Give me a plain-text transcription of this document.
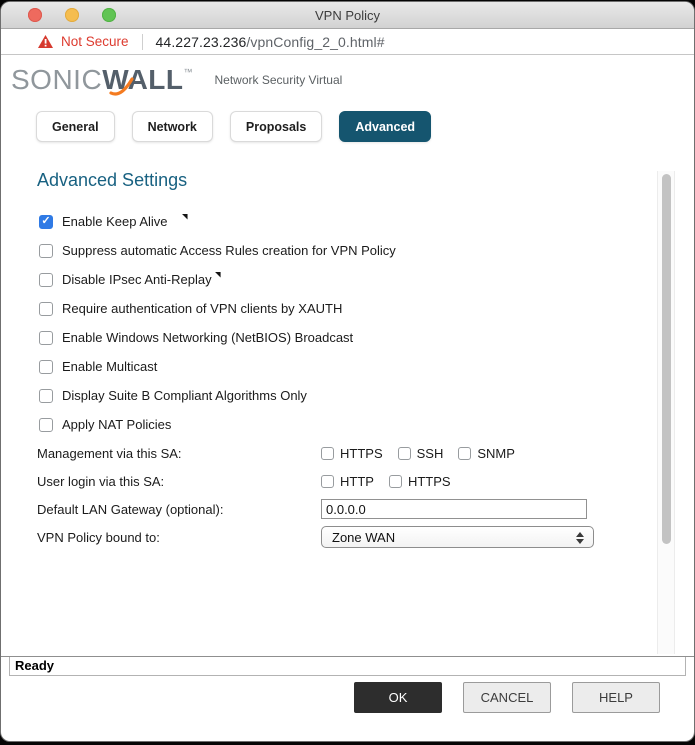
VPN Policy
Not Secure 44.227.23.236/vpnConfig_2_0.html#
SONICWALL™
Network Security Virtual
General	Network	Proposals	Advanced
Advanced Settings
✓ Enable Keep Alive
Suppress automatic Access Rules creation for VPN Policy
Disable IPsec Anti-Replay
Require authentication of VPN clients by XAUTH
Enable Windows Networking (NetBIOS) Broadcast
Enable Multicast
Display Suite B Compliant Algorithms Only
Apply NAT Policies
Management via this SA:	HTTPS	SSH	SNMP
User login via this SA:	HTTP	HTTPS
Default LAN Gateway (optional):
0.0.0.0
VPN Policy bound to:	Zone WAN
Ready
OK	CANCEL	HELP
